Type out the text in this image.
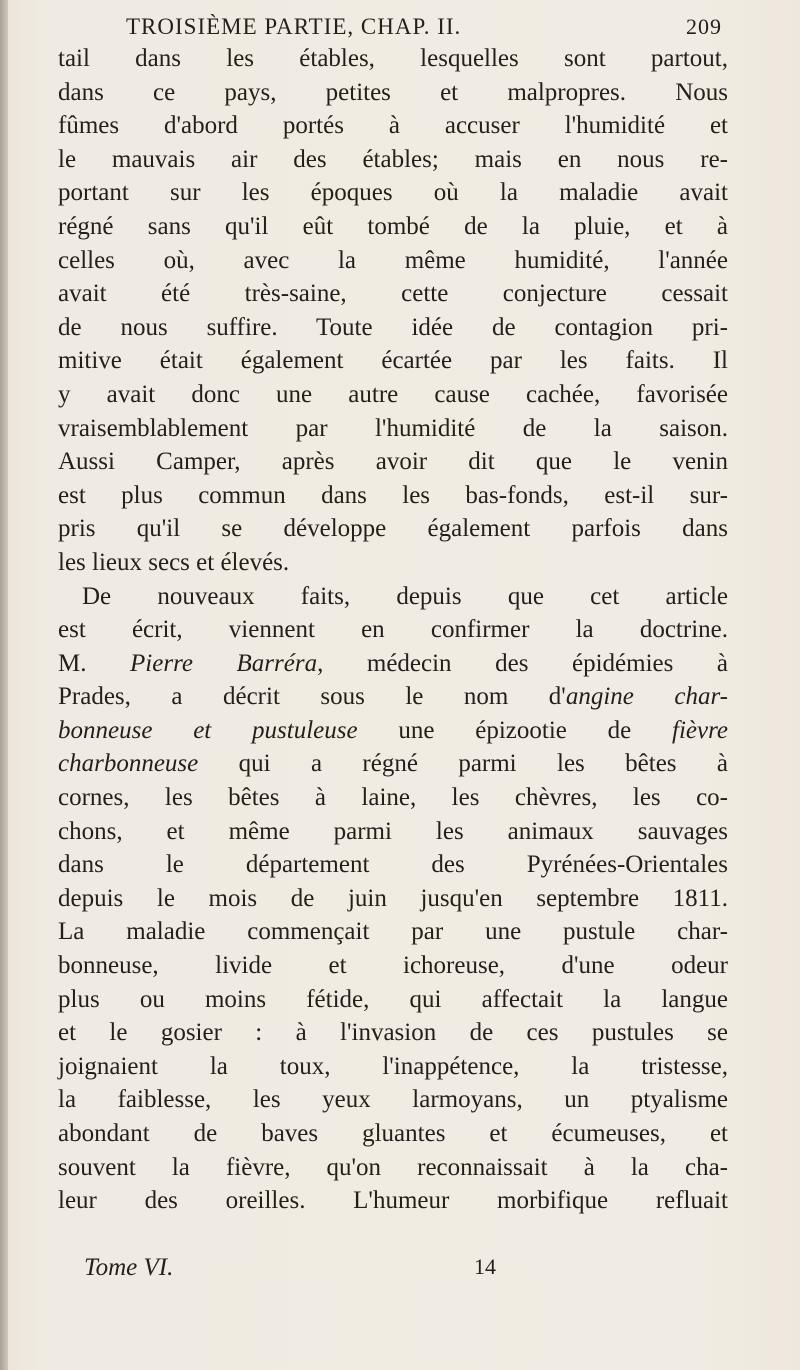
TROISIÈME PARTIE, CHAP. II.	209
tail dans les étables, lesquelles sont partout,
dans ce pays, petites et malpropres. Nous
fûmes d'abord portés à accuser l'humidité et
le mauvais air des étables; mais en nous re-
portant sur les époques où la maladie avait
régné sans qu'il eût tombé de la pluie, et à
celles où, avec la même humidité, l'année
avait été très-saine, cette conjecture cessait
de nous suffire. Toute idée de contagion pri-
mitive était également écartée par les faits. Il
y avait donc une autre cause cachée, favorisée
vraisemblablement par l'humidité de la saison.
Aussi Camper, après avoir dit que le venin
est plus commun dans les bas-fonds, est-il sur-
pris qu'il se développe également parfois dans
les lieux secs et élevés.
De nouveaux faits, depuis que cet article
est écrit, viennent en confirmer la doctrine.
M. Pierre Barréra, médecin des épidémies à
Prades, a décrit sous le nom d'angine char-
bonneuse et pustuleuse une épizootie de fièvre
charbonneuse qui a régné parmi les bêtes à
cornes, les bêtes à laine, les chèvres, les co-
chons, et même parmi les animaux sauvages
dans le département des Pyrénées-Orientales
depuis le mois de juin jusqu'en septembre 1811.
La maladie commençait par une pustule char-
bonneuse, livide et ichoreuse, d'une odeur
plus ou moins fétide, qui affectait la langue
et le gosier : à l'invasion de ces pustules se
joignaient la toux, l'inappétence, la tristesse,
la faiblesse, les yeux larmoyans, un ptyalisme
abondant de baves gluantes et écumeuses, et
souvent la fièvre, qu'on reconnaissait à la cha-
leur des oreilles. L'humeur morbifique refluait
Tome VI.	14
